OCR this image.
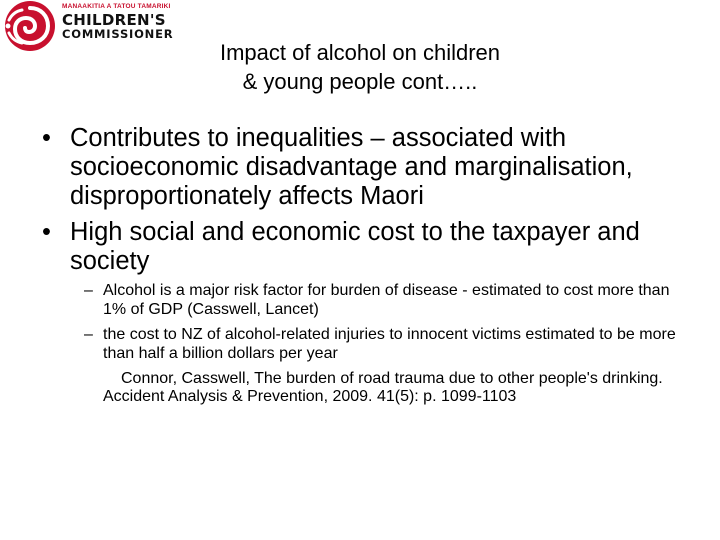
MANAAKITIA A TATOU TAMARIKI
CHILDREN'S
COMMISSIONER
Impact of alcohol on children
& young people cont…..
• Contributes to inequalities – associated with socioeconomic disadvantage and marginalisation, disproportionately affects Maori
• High social and economic cost to the taxpayer and society
– Alcohol is a major risk factor for burden of disease - estimated to cost more than 1% of GDP (Casswell, Lancet)
– the cost to NZ of alcohol-related injuries to innocent victims estimated to be more than half a billion dollars per year
Connor, Casswell, The burden of road trauma due to other people's drinking. Accident Analysis & Prevention, 2009. 41(5): p. 1099-1103
